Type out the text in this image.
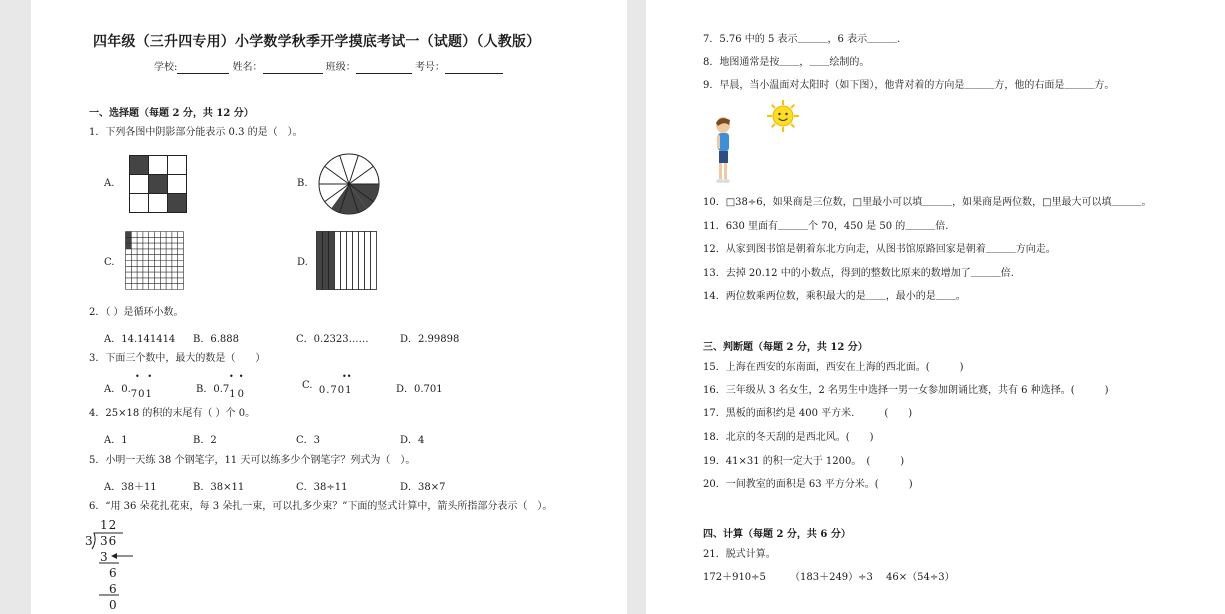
四年级（三升四专用）小学数学秋季开学摸底考试一（试题）（人教版）
学校:	姓名：	班级：	考号：
一、选择题（每题 2 分，共 12 分）
1．下列各图中阴影部分能表示 0.3 的是（　）。
A.	B.
C.	D.
2．（ ）是循环小数。
A．14.141414 B．6.888	C．0.2323……	D．2.99898
3．下面三个数中，最大的数是（　　）
A．0.701
•   •
B．0.710
•  •
C. 0.701
••
D．0.701
4．25×18 的积的末尾有（ ）个 0。
A．1	B．2	C．3	D．4
5．小明一天练 38 个钢笔字，11 天可以练多少个钢笔字？列式为（　）。
A．38＋11	B．38×11	C．38÷11	D．38×7
6．“用 36 朵花扎花束，每 3 朵扎一束，可以扎多少束？”下面的竖式计算中，箭头所指部分表示（　）。
12
3 36
3
6
6
0
7．5.76 中的 5 表示＿＿＿，6 表示＿＿＿.
8．地图通常是按＿＿，＿＿绘制的。
9．早晨，当小温面对太阳时（如下图），他背对着的方向是＿＿＿方，他的右面是＿＿＿方。
10．□38÷6，如果商是三位数，□里最小可以填＿＿＿，如果商是两位数，□里最大可以填＿＿＿。
11．630 里面有＿＿＿个 70，450 是 50 的＿＿＿倍.
12．从家到图书馆是朝着东北方向走，从图书馆原路回家是朝着＿＿＿方向走。
13．去掉 20.12 中的小数点，得到的整数比原来的数增加了＿＿＿倍.
14．两位数乘两位数，乘积最大的是＿＿，最小的是＿＿。
三、判断题（每题 2 分，共 12 分）
15．上海在西安的东南面，西安在上海的西北面。(　　　)
16．三年级从 3 名女生，2 名男生中选择一男一女参加朗诵比赛，共有 6 种选择。(　　　)
17．黑板的面积约是 400 平方米.　　　(　　)
18．北京的冬天刮的是西北风。(　　)
19．41×31 的积一定大于 1200。　(　　　)
20．一间教室的面积是 63 平方分米。(　　　)
四、计算（每题 2 分，共 6 分）
21．脱式计算。
172＋910÷5 （183＋249）÷3 46×（54÷3）
